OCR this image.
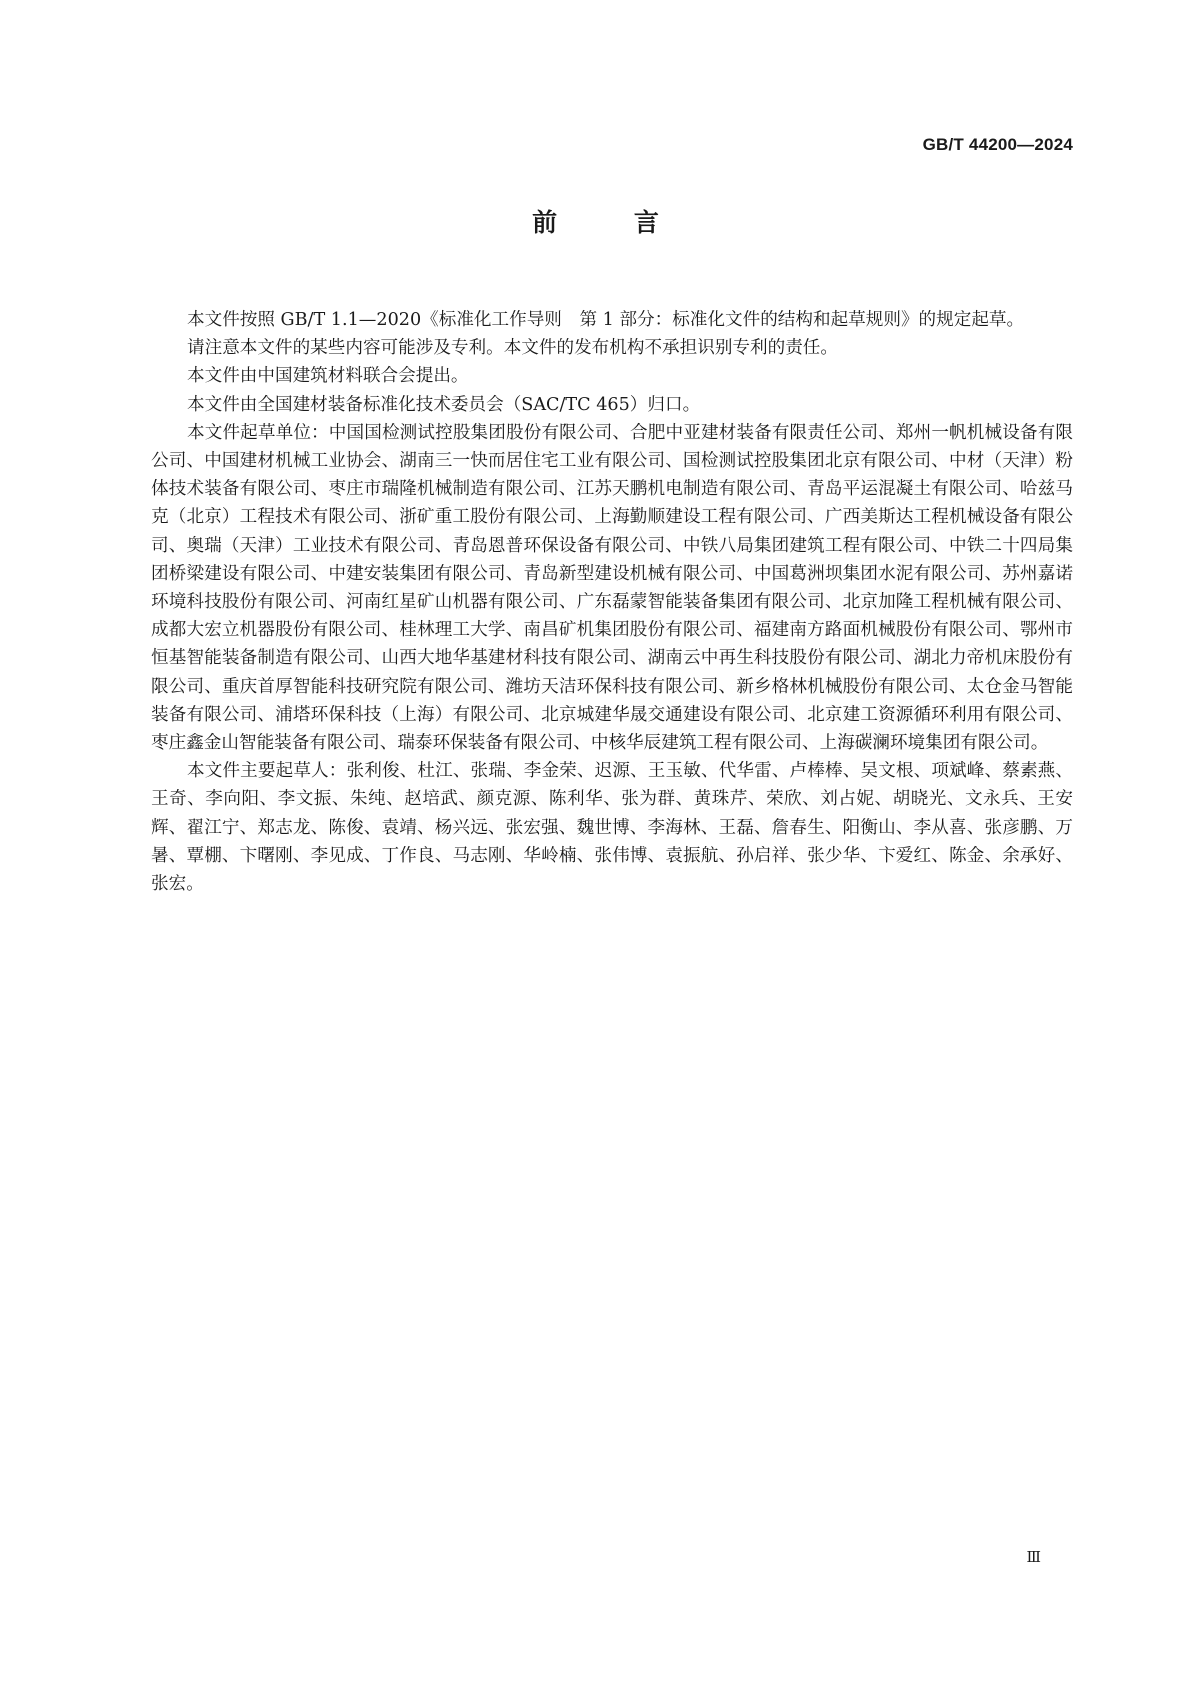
GB/T 44200—2024
前 言

本文件按照 GB/T 1.1—2020《标准化工作导则　第 1 部分：标准化文件的结构和起草规则》的规定起草。

请注意本文件的某些内容可能涉及专利。本文件的发布机构不承担识别专利的责任。

本文件由中国建筑材料联合会提出。

本文件由全国建材装备标准化技术委员会（SAC/TC 465）归口。

本文件起草单位：中国国检测试控股集团股份有限公司、合肥中亚建材装备有限责任公司、郑州一帆机械设备有限公司、中国建材机械工业协会、湖南三一快而居住宅工业有限公司、国检测试控股集团北京有限公司、中材（天津）粉体技术装备有限公司、枣庄市瑞隆机械制造有限公司、江苏天鹏机电制造有限公司、青岛平运混凝土有限公司、哈兹马克（北京）工程技术有限公司、浙矿重工股份有限公司、上海勤顺建设工程有限公司、广西美斯达工程机械设备有限公司、奥瑞（天津）工业技术有限公司、青岛恩普环保设备有限公司、中铁八局集团建筑工程有限公司、中铁二十四局集团桥梁建设有限公司、中建安装集团有限公司、青岛新型建设机械有限公司、中国葛洲坝集团水泥有限公司、苏州嘉诺环境科技股份有限公司、河南红星矿山机器有限公司、广东磊蒙智能装备集团有限公司、北京加隆工程机械有限公司、成都大宏立机器股份有限公司、桂林理工大学、南昌矿机集团股份有限公司、福建南方路面机械股份有限公司、鄂州市恒基智能装备制造有限公司、山西大地华基建材科技有限公司、湖南云中再生科技股份有限公司、湖北力帝机床股份有限公司、重庆首厚智能科技研究院有限公司、潍坊天洁环保科技有限公司、新乡格林机械股份有限公司、太仓金马智能装备有限公司、浦塔环保科技（上海）有限公司、北京城建华晟交通建设有限公司、北京建工资源循环利用有限公司、枣庄鑫金山智能装备有限公司、瑞泰环保装备有限公司、中核华辰建筑工程有限公司、上海碳澜环境集团有限公司。

本文件主要起草人：张利俊、杜江、张瑞、李金荣、迟源、王玉敏、代华雷、卢棒棒、吴文根、项斌峰、蔡素燕、王奇、李向阳、李文振、朱纯、赵培武、颜克源、陈利华、张为群、黄珠芹、荣欣、刘占妮、胡晓光、文永兵、王安辉、翟江宁、郑志龙、陈俊、袁靖、杨兴远、张宏强、魏世博、李海林、王磊、詹春生、阳衡山、李从喜、张彦鹏、万暑、覃棚、卞曙刚、李见成、丁作良、马志刚、华岭楠、张伟博、袁振航、孙启祥、张少华、卞爱红、陈金、余承好、张宏。

Ⅲ
